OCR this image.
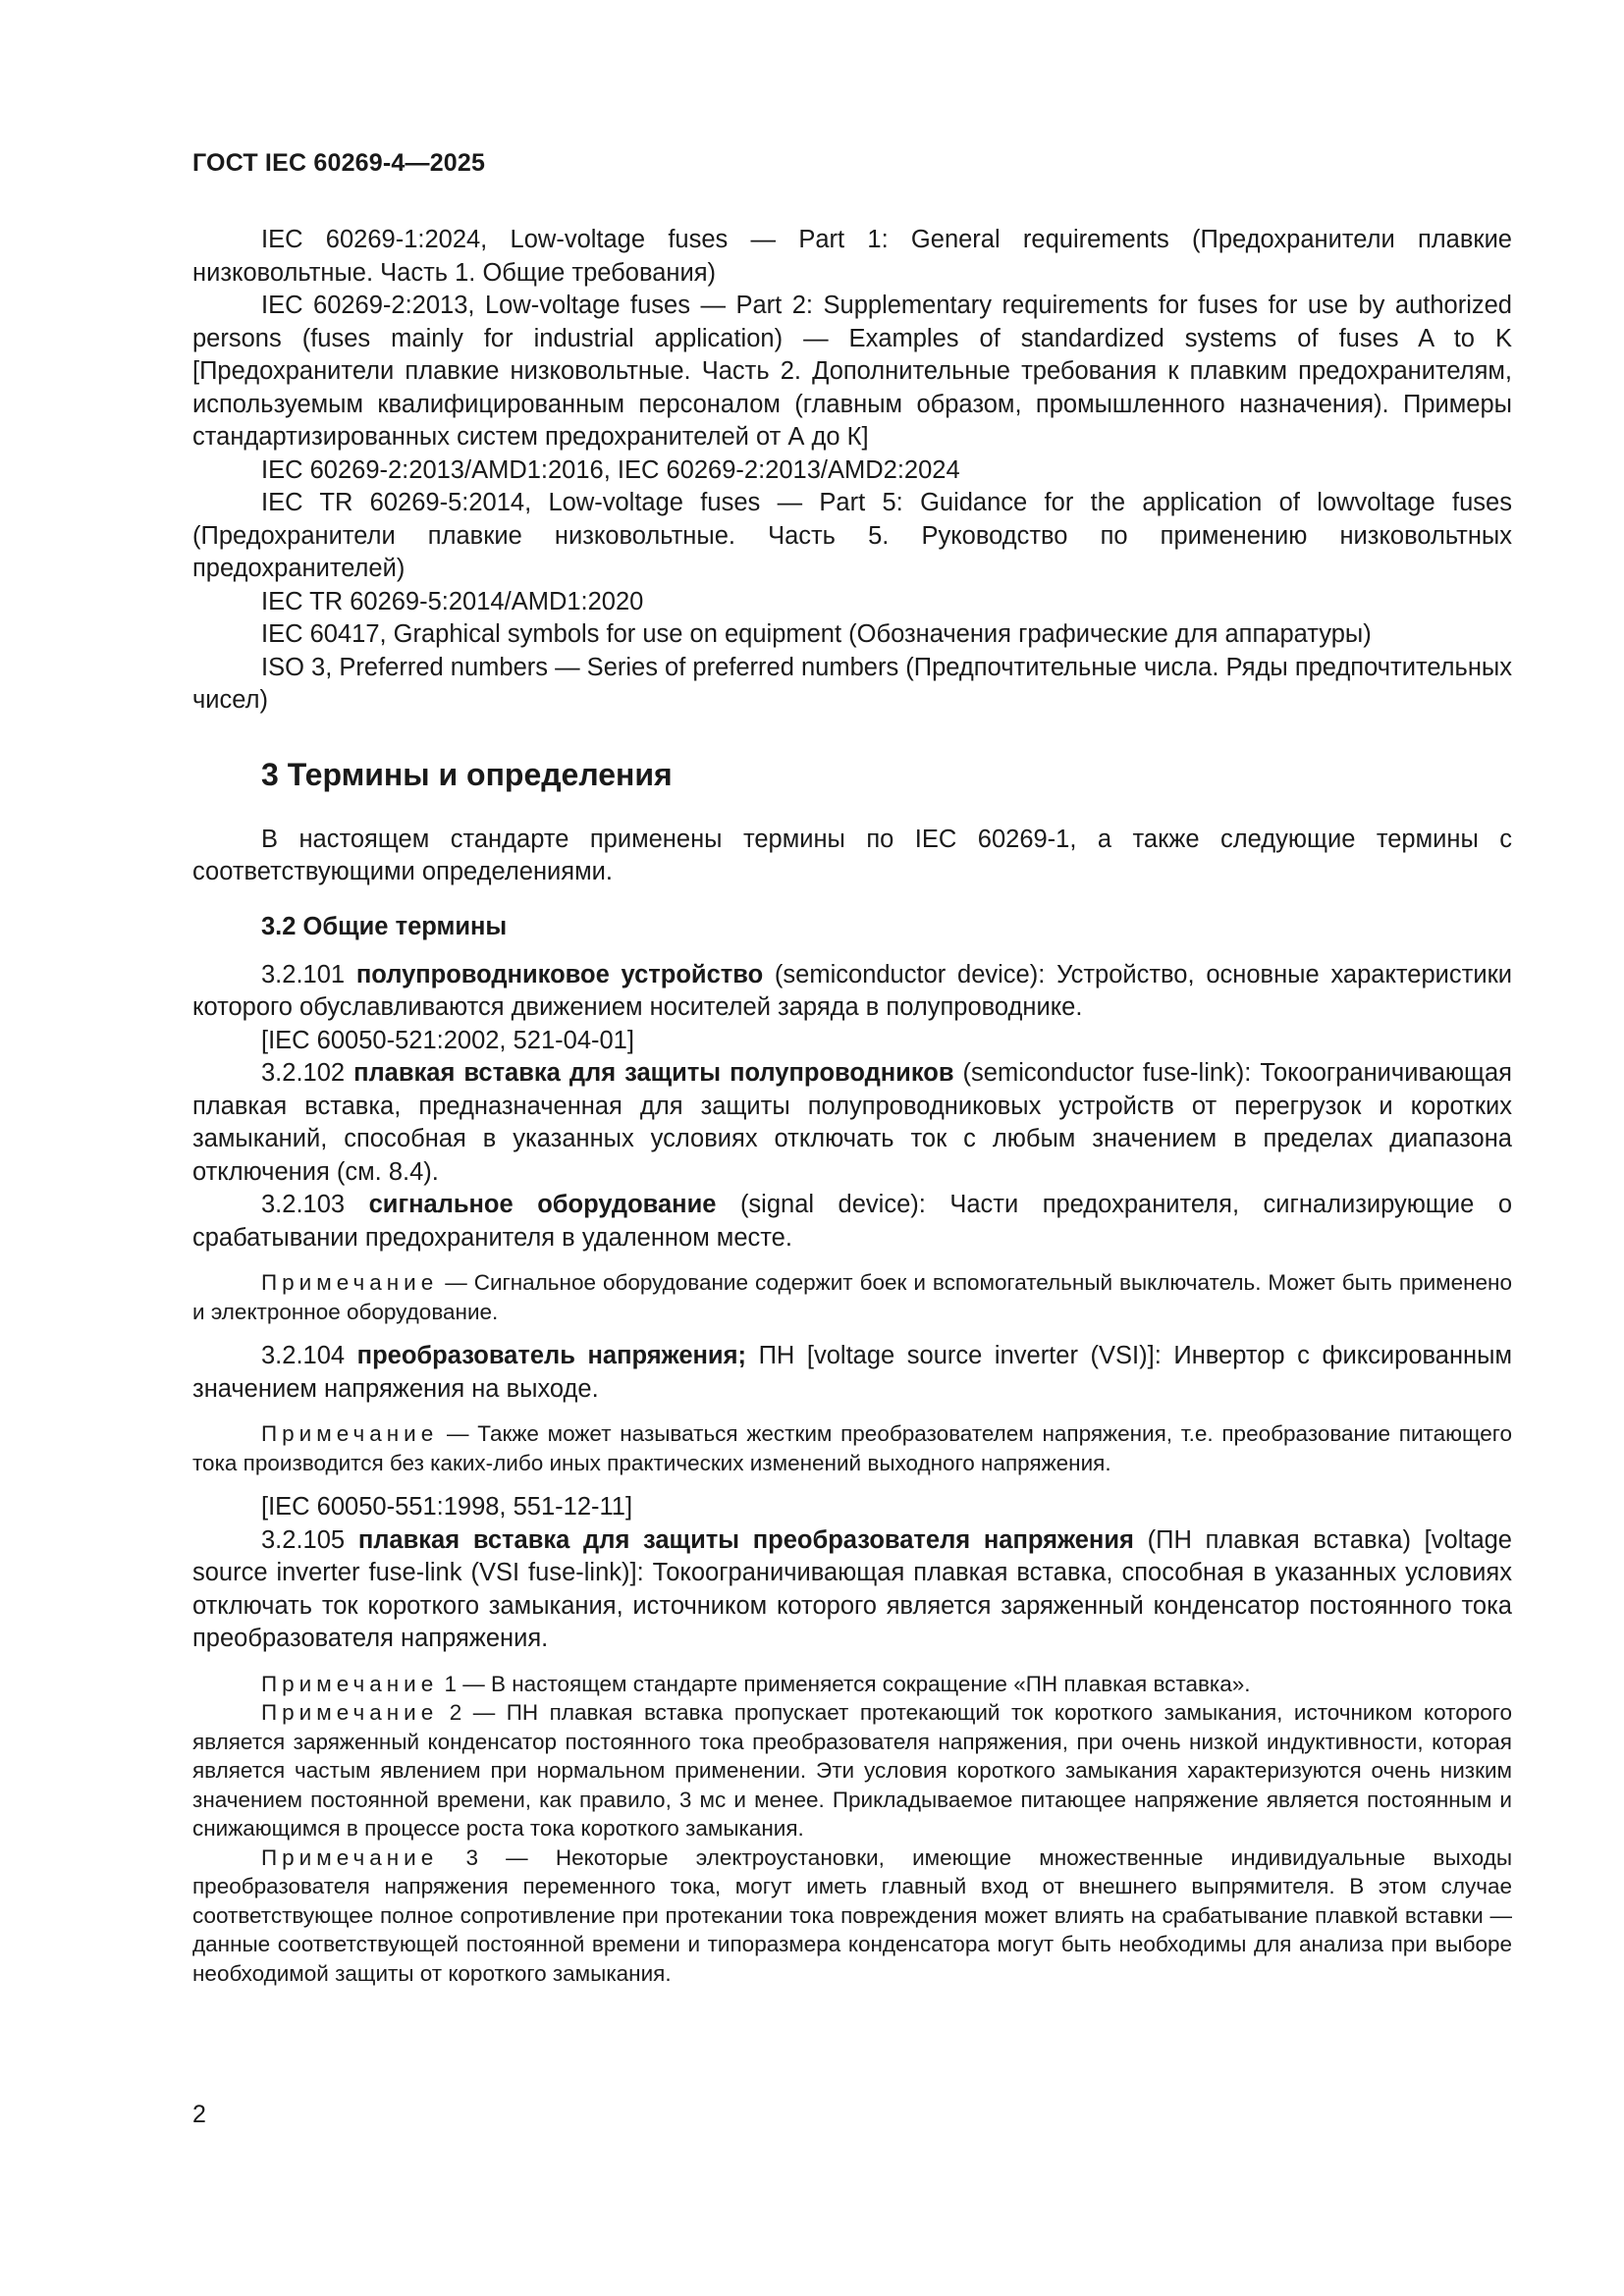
ГОСТ IEC 60269-4—2025

IEC 60269-1:2024, Low-voltage fuses — Part 1: General requirements (Предохранители плавкие низковольтные. Часть 1. Общие требования)

IEC 60269-2:2013, Low-voltage fuses — Part 2: Supplementary requirements for fuses for use by authorized persons (fuses mainly for industrial application) — Examples of standardized systems of fuses A to K [Предохранители плавкие низковольтные. Часть 2. Дополнительные требования к плавким предохранителям, используемым квалифицированным персоналом (главным образом, промышленного назначения). Примеры стандартизированных систем предохранителей от А до К]

IEC 60269-2:2013/AMD1:2016, IEC 60269-2:2013/AMD2:2024

IEC TR 60269-5:2014, Low-voltage fuses — Part 5: Guidance for the application of lowvoltage fuses (Предохранители плавкие низковольтные. Часть 5. Руководство по применению низковольтных предохранителей)

IEC TR 60269-5:2014/AMD1:2020

IEC 60417, Graphical symbols for use on equipment (Обозначения графические для аппаратуры)

ISO 3, Preferred numbers — Series of preferred numbers (Предпочтительные числа. Ряды предпочтительных чисел)

3 Термины и определения

В настоящем стандарте применены термины по IEC 60269-1, а также следующие термины с соответствующими определениями.

3.2 Общие термины

3.2.101 полупроводниковое устройство (semiconductor device): Устройство, основные характеристики которого обуславливаются движением носителей заряда в полупроводнике.

[IEC 60050-521:2002, 521-04-01]

3.2.102 плавкая вставка для защиты полупроводников (semiconductor fuse-link): Токоограничивающая плавкая вставка, предназначенная для защиты полупроводниковых устройств от перегрузок и коротких замыканий, способная в указанных условиях отключать ток с любым значением в пределах диапазона отключения (см. 8.4).

3.2.103 сигнальное оборудование (signal device): Части предохранителя, сигнализирующие о срабатывании предохранителя в удаленном месте.

Примечание — Сигнальное оборудование содержит боек и вспомогательный выключатель. Может быть применено и электронное оборудование.

3.2.104 преобразователь напряжения; ПН [voltage source inverter (VSI)]: Инвертор с фиксированным значением напряжения на выходе.

Примечание — Также может называться жестким преобразователем напряжения, т.е. преобразование питающего тока производится без каких-либо иных практических изменений выходного напряжения.

[IEC 60050-551:1998, 551-12-11]

3.2.105 плавкая вставка для защиты преобразователя напряжения (ПН плавкая вставка) [voltage source inverter fuse-link (VSI fuse-link)]: Токоограничивающая плавкая вставка, способная в указанных условиях отключать ток короткого замыкания, источником которого является заряженный конденсатор постоянного тока преобразователя напряжения.

Примечание 1 — В настоящем стандарте применяется сокращение «ПН плавкая вставка».

Примечание 2 — ПН плавкая вставка пропускает протекающий ток короткого замыкания, источником которого является заряженный конденсатор постоянного тока преобразователя напряжения, при очень низкой индуктивности, которая является частым явлением при нормальном применении. Эти условия короткого замыкания характеризуются очень низким значением постоянной времени, как правило, 3 мс и менее. Прикладываемое питающее напряжение является постоянным и снижающимся в процессе роста тока короткого замыкания.

Примечание 3 — Некоторые электроустановки, имеющие множественные индивидуальные выходы преобразователя напряжения переменного тока, могут иметь главный вход от внешнего выпрямителя. В этом случае соответствующее полное сопротивление при протекании тока повреждения может влиять на срабатывание плавкой вставки — данные соответствующей постоянной времени и типоразмера конденсатора могут быть необходимы для анализа при выборе необходимой защиты от короткого замыкания.

2
